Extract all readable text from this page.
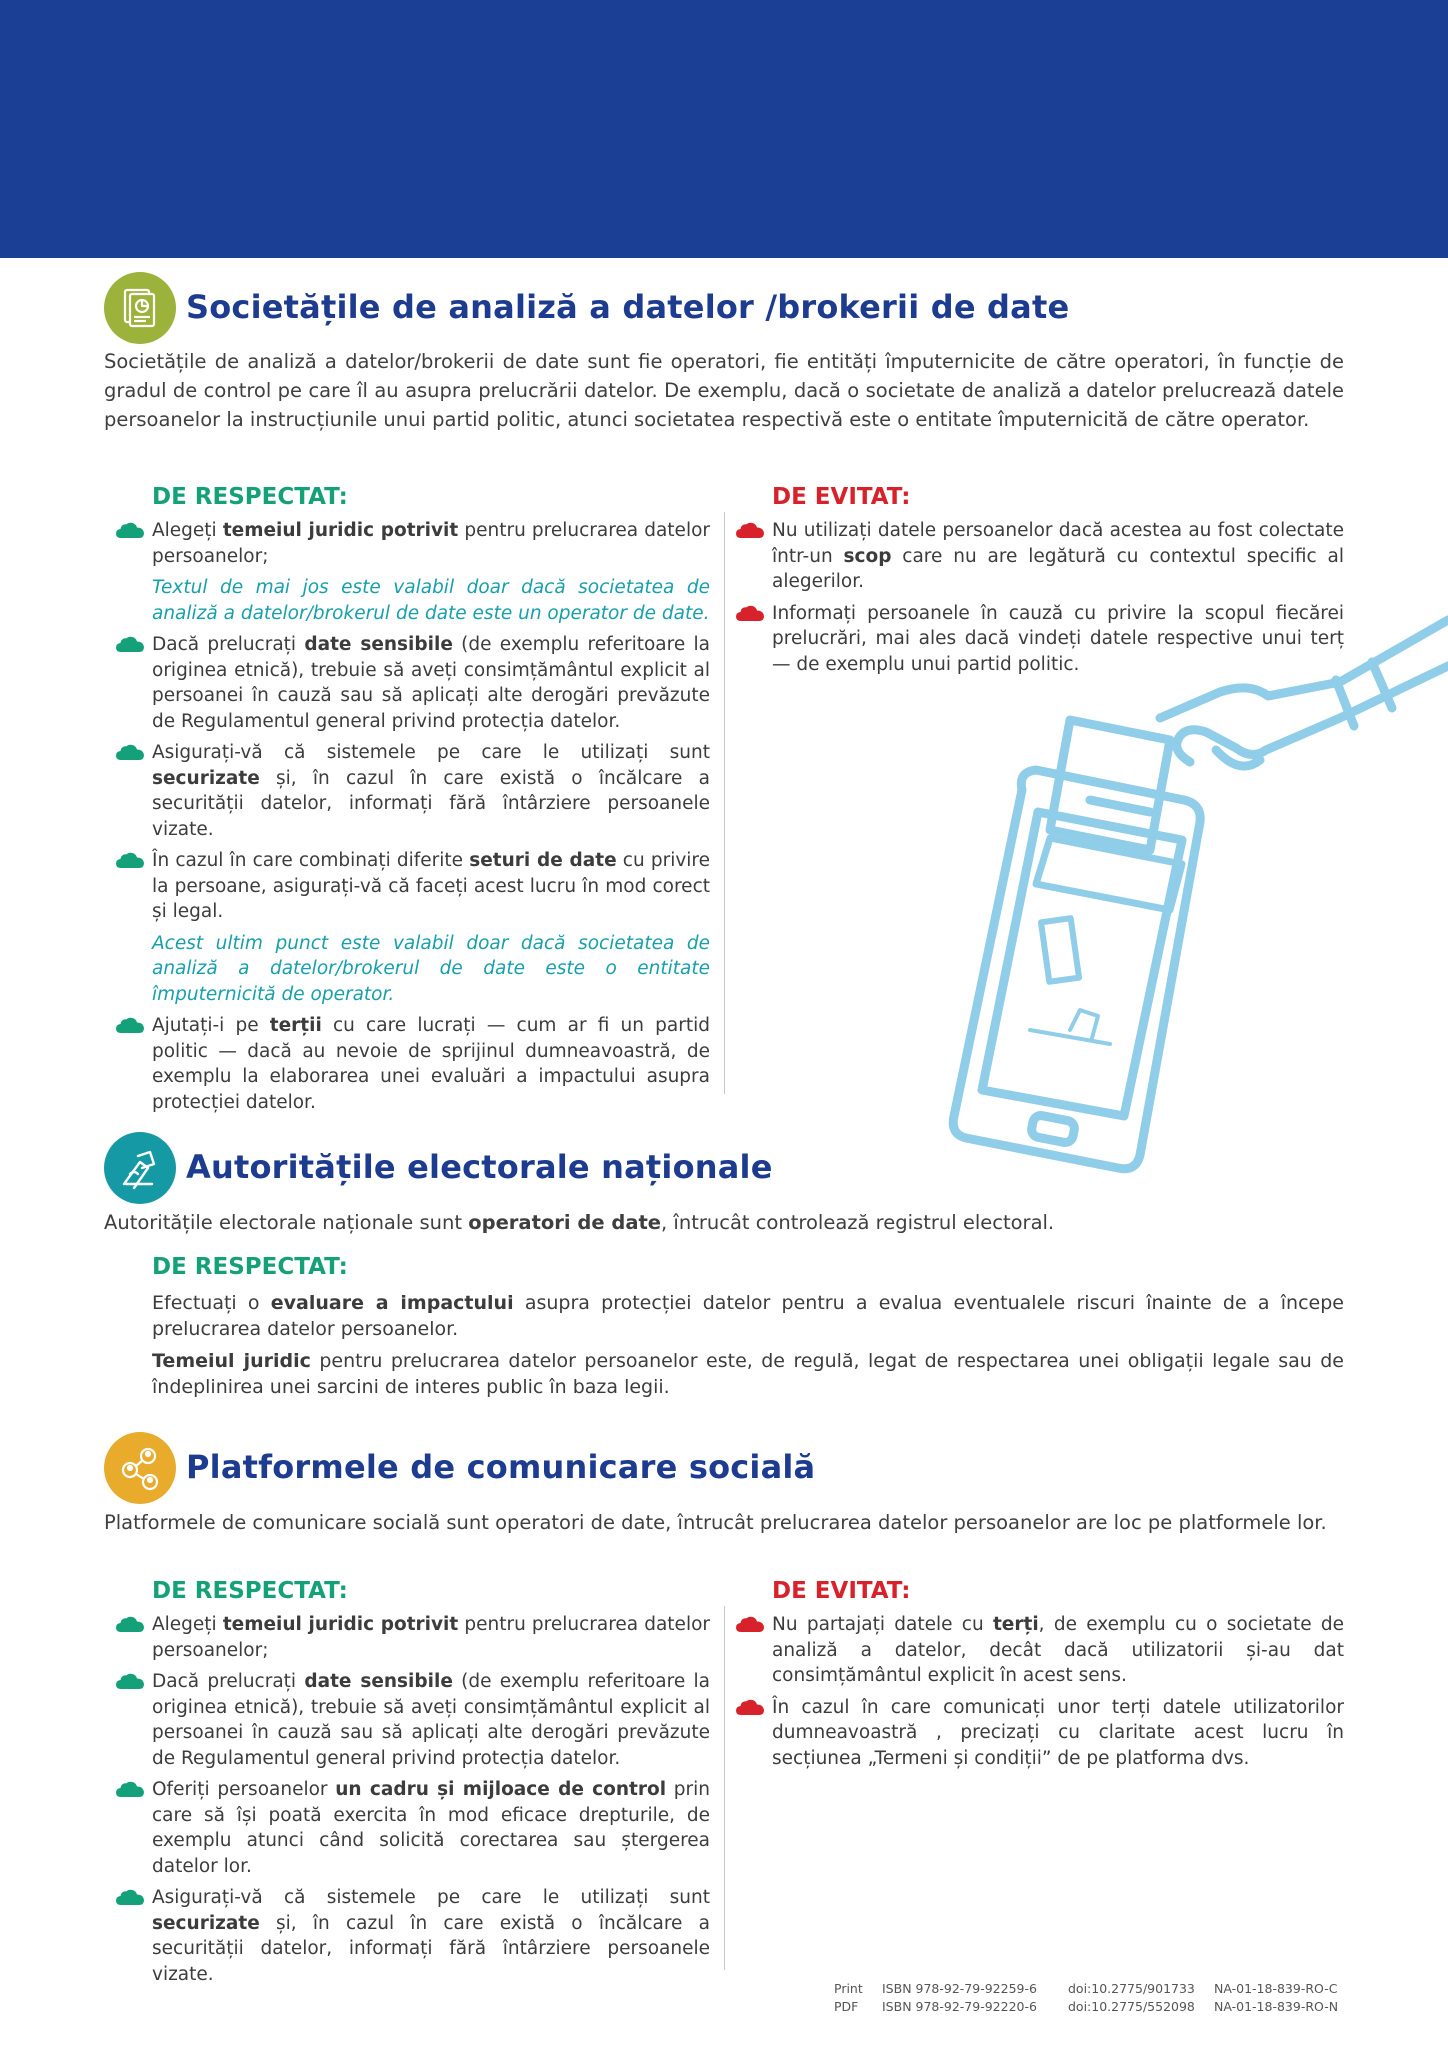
Societățile de analiză a datelor /brokerii de date

Societățile de analiză a datelor/brokerii de date sunt fie operatori, fie entități împuternicite de către operatori, în funcție de gradul de control pe care îl au asupra prelucrării datelor. De exemplu, dacă o societate de analiză a datelor prelucrează datele persoanelor la instrucțiunile unui partid politic, atunci societatea respectivă este o entitate împuternicită de către operator.

DE RESPECTAT:	DE EVITAT:
Alegeți temeiul juridic potrivit pentru prelucrarea datelor persoanelor;
Textul de mai jos este valabil doar dacă societatea de analiză a datelor/brokerul de date este un operator de date.
Dacă prelucrați date sensibile (de exemplu referitoare la originea etnică), trebuie să aveți consimțământul explicit al persoanei în cauză sau să aplicați alte derogări prevăzute de Regulamentul general privind protecția datelor.
Asigurați-vă că sistemele pe care le utilizați sunt securizate și, în cazul în care există o încălcare a securității datelor, informați fără întârziere persoanele vizate.
În cazul în care combinați diferite seturi de date cu privire la persoane, asigurați-vă că faceți acest lucru în mod corect și legal.
Acest ultim punct este valabil doar dacă societatea de analiză a datelor/brokerul de date este o entitate împuternicită de operator.
Ajutați-i pe terții cu care lucrați — cum ar fi un partid politic — dacă au nevoie de sprijinul dumneavoastră, de exemplu la elaborarea unei evaluări a impactului asupra protecției datelor.
Nu utilizați datele persoanelor dacă acestea au fost colectate într-un scop care nu are legătură cu contextul specific al alegerilor.
Informați persoanele în cauză cu privire la scopul fiecărei prelucrări, mai ales dacă vindeți datele respective unui terț — de exemplu unui partid politic.
Autoritățile electorale naționale

Autoritățile electorale naționale sunt operatori de date, întrucât controlează registrul electoral.

DE RESPECTAT:

Efectuați o evaluare a impactului asupra protecției datelor pentru a evalua eventualele riscuri înainte de a începe prelucrarea datelor persoanelor.

Temeiul juridic pentru prelucrarea datelor persoanelor este, de regulă, legat de respectarea unei obligații legale sau de îndeplinirea unei sarcini de interes public în baza legii.

Platformele de comunicare socială

Platformele de comunicare socială sunt operatori de date, întrucât prelucrarea datelor persoanelor are loc pe platformele lor.

DE RESPECTAT:	DE EVITAT:
Alegeți temeiul juridic potrivit pentru prelucrarea datelor persoanelor;
Dacă prelucrați date sensibile (de exemplu referitoare la originea etnică), trebuie să aveți consimțământul explicit al persoanei în cauză sau să aplicați alte derogări prevăzute de Regulamentul general privind protecția datelor.
Oferiți persoanelor un cadru și mijloace de control prin care să își poată exercita în mod eficace drepturile, de exemplu atunci când solicită corectarea sau ștergerea datelor lor.
Asigurați-vă că sistemele pe care le utilizați sunt securizate și, în cazul în care există o încălcare a securității datelor, informați fără întârziere persoanele vizate.
Nu partajați datele cu terți, de exemplu cu o societate de analiză a datelor, decât dacă utilizatorii și-au dat consimțământul explicit în acest sens.
În cazul în care comunicați unor terți datele utilizatorilor dumneavoastră , precizați cu claritate acest lucru în secțiunea „Termeni și condiții” de pe platforma dvs.
Print ISBN 978-92-79-92259-6 doi:10.2775/901733 NA-01-18-839-RO-C
PDF ISBN 978-92-79-92220-6 doi:10.2775/552098 NA-01-18-839-RO-N
